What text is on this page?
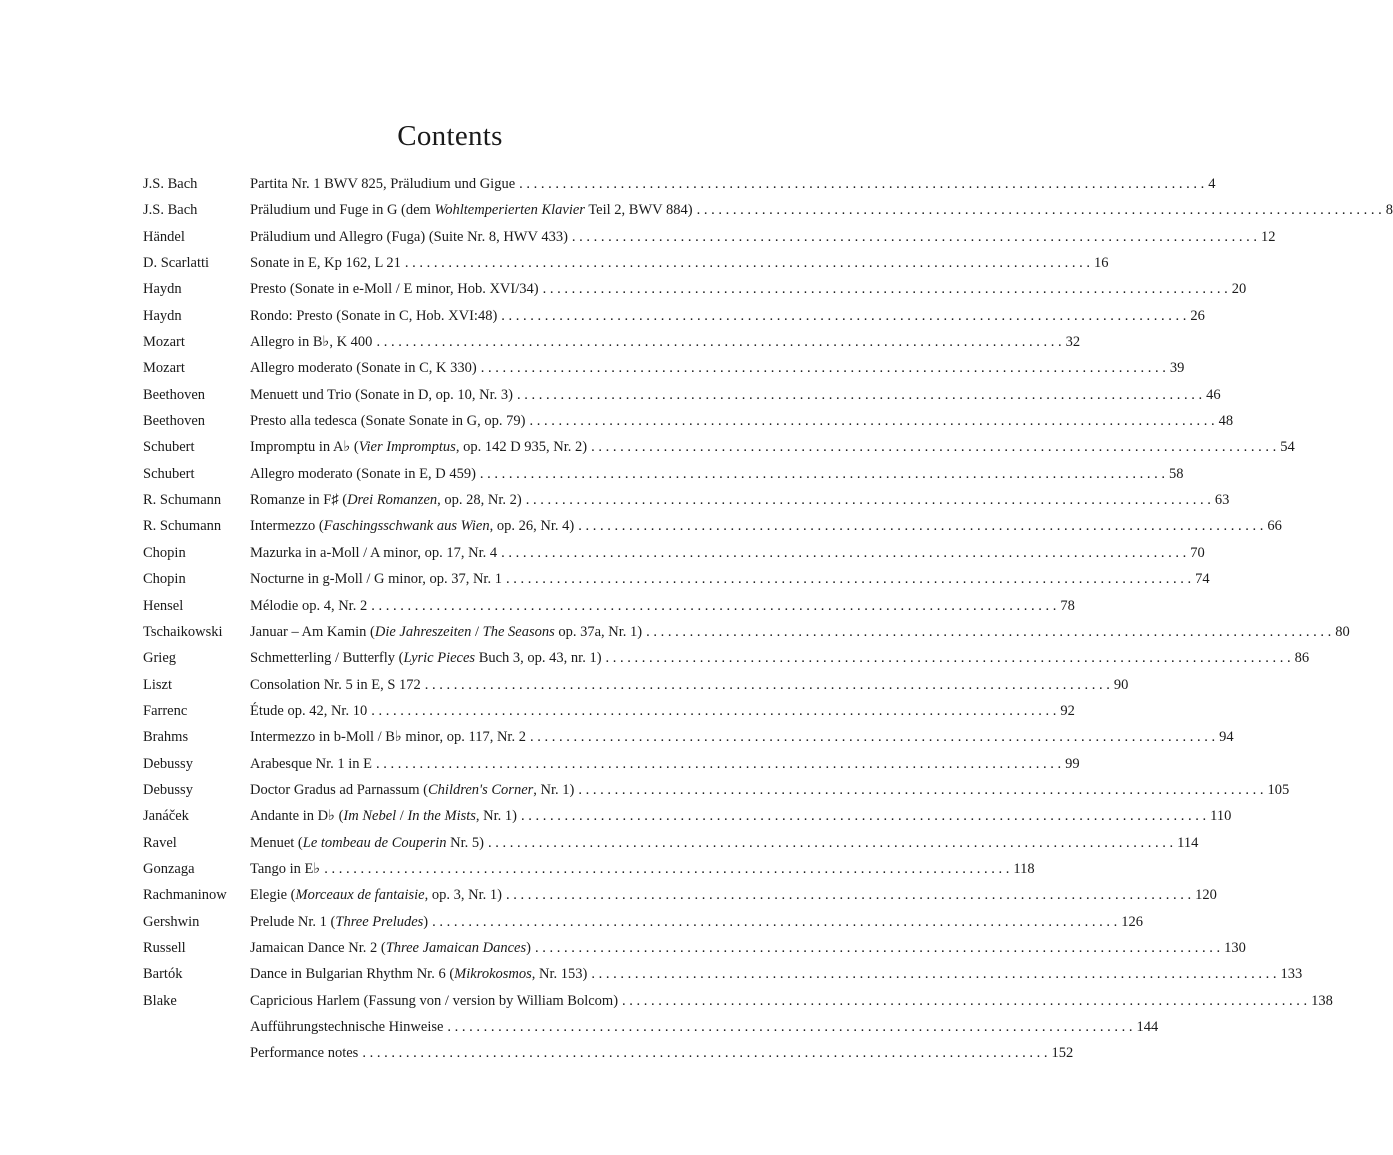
Contents
J.S. Bach	Partita Nr. 1 BWV 825, Präludium und Gigue . . .	4
J.S. Bach	Präludium und Fuge in G (dem Wohltemperierten Klavier Teil 2, BWV 884) . . .	8
Händel	Präludium und Allegro (Fuga) (Suite Nr. 8, HWV 433) . . .	12
D. Scarlatti	Sonate in E, Kp 162, L 21 . . .	16
Haydn	Presto (Sonate in e-Moll / E minor, Hob. XVI/34) . . .	20
Haydn	Rondo: Presto (Sonate in C, Hob. XVI:48) . . .	26
Mozart	Allegro in B♭, K 400 . . .	32
Mozart	Allegro moderato (Sonate in C, K 330) . . .	39
Beethoven	Menuett und Trio (Sonate in D, op. 10, Nr. 3) . . .	46
Beethoven	Presto alla tedesca (Sonate Sonate in G, op. 79) . . .	48
Schubert	Impromptu in A♭ (Vier Impromptus, op. 142 D 935, Nr. 2) . . .	54
Schubert	Allegro moderato (Sonate in E, D 459) . . .	58
R. Schumann	Romanze in F♯ (Drei Romanzen, op. 28, Nr. 2) . . .	63
R. Schumann	Intermezzo (Faschingsschwank aus Wien, op. 26, Nr. 4) . . .	66
Chopin	Mazurka in a-Moll / A minor, op. 17, Nr. 4 . . .	70
Chopin	Nocturne in g-Moll / G minor, op. 37, Nr. 1 . . .	74
Hensel	Mélodie op. 4, Nr. 2 . . .	78
Tschaikowski	Januar – Am Kamin (Die Jahreszeiten / The Seasons op. 37a, Nr. 1) . . .	80
Grieg	Schmetterling / Butterfly (Lyric Pieces Buch 3, op. 43, nr. 1) . . .	86
Liszt	Consolation Nr. 5 in E, S 172 . . .	90
Farrenc	Étude op. 42, Nr. 10 . . .	92
Brahms	Intermezzo in b-Moll / B♭ minor, op. 117, Nr. 2 . . .	94
Debussy	Arabesque Nr. 1 in E . . .	99
Debussy	Doctor Gradus ad Parnassum (Children's Corner, Nr. 1) . . .	105
Janáček	Andante in D♭ (Im Nebel / In the Mists, Nr. 1) . . .	110
Ravel	Menuet (Le tombeau de Couperin Nr. 5) . . .	114
Gonzaga	Tango in E♭ . . .	118
Rachmaninow	Elegie (Morceaux de fantaisie, op. 3, Nr. 1) . . .	120
Gershwin	Prelude Nr. 1 (Three Preludes) . . .	126
Russell	Jamaican Dance Nr. 2 (Three Jamaican Dances) . . .	130
Bartók	Dance in Bulgarian Rhythm Nr. 6 (Mikrokosmos, Nr. 153) . . .	133
Blake	Capricious Harlem (Fassung von / version by William Bolcom) . . .	138
Aufführungstechnische Hinweise . . .	144
Performance notes . . .	152
